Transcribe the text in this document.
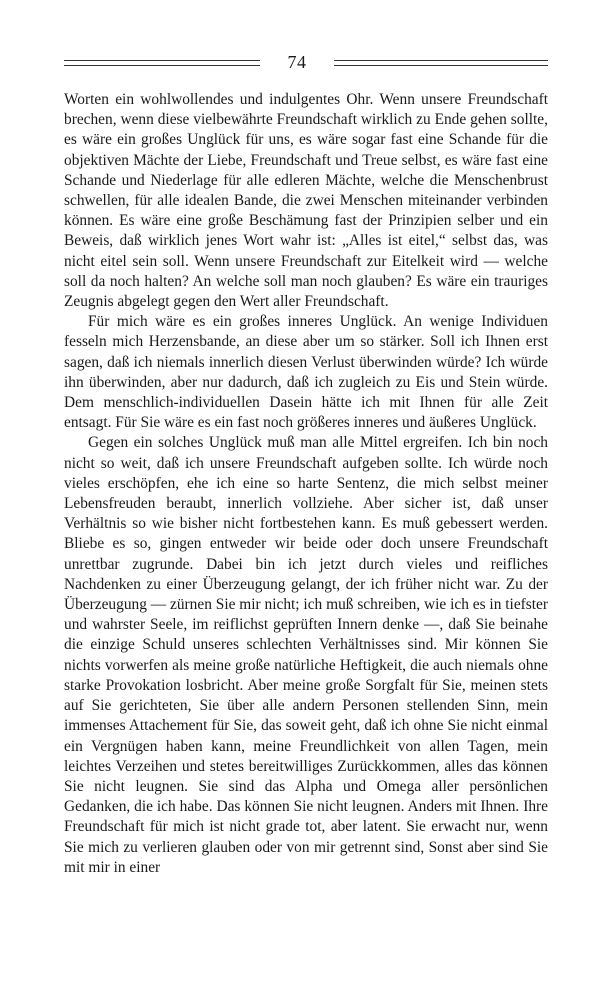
74

Worten ein wohlwollendes und indulgentes Ohr. Wenn unsere Freundschaft brechen, wenn diese vielbewährte Freundschaft wirklich zu Ende gehen sollte, es wäre ein großes Unglück für uns, es wäre sogar fast eine Schande für die objektiven Mächte der Liebe, Freundschaft und Treue selbst, es wäre fast eine Schande und Niederlage für alle edleren Mächte, welche die Menschenbrust schwellen, für alle idealen Bande, die zwei Menschen miteinander verbinden können. Es wäre eine große Beschämung fast der Prinzipien selber und ein Beweis, daß wirklich jenes Wort wahr ist: „Alles ist eitel,“ selbst das, was nicht eitel sein soll. Wenn unsere Freundschaft zur Eitelkeit wird — welche soll da noch halten? An welche soll man noch glauben? Es wäre ein trauriges Zeugnis abgelegt gegen den Wert aller Freundschaft.

Für mich wäre es ein großes inneres Unglück. An wenige Individuen fesseln mich Herzensbande, an diese aber um so stärker. Soll ich Ihnen erst sagen, daß ich niemals innerlich diesen Verlust überwinden würde? Ich würde ihn überwinden, aber nur dadurch, daß ich zugleich zu Eis und Stein würde. Dem menschlich-individuellen Dasein hätte ich mit Ihnen für alle Zeit entsagt. Für Sie wäre es ein fast noch größeres inneres und äußeres Unglück.

Gegen ein solches Unglück muß man alle Mittel ergreifen. Ich bin noch nicht so weit, daß ich unsere Freundschaft aufgeben sollte. Ich würde noch vieles erschöpfen, ehe ich eine so harte Sentenz, die mich selbst meiner Lebensfreuden beraubt, innerlich vollziehe. Aber sicher ist, daß unser Verhältnis so wie bisher nicht fortbestehen kann. Es muß gebessert werden. Bliebe es so, gingen entweder wir beide oder doch unsere Freundschaft unrettbar zugrunde. Dabei bin ich jetzt durch vieles und reifliches Nachdenken zu einer Überzeugung gelangt, der ich früher nicht war. Zu der Überzeugung — zürnen Sie mir nicht; ich muß schreiben, wie ich es in tiefster und wahrster Seele, im reiflichst geprüften Innern denke —, daß Sie beinahe die einzige Schuld unseres schlechten Verhältnisses sind. Mir können Sie nichts vorwerfen als meine große natürliche Heftigkeit, die auch niemals ohne starke Provokation losbricht. Aber meine große Sorgfalt für Sie, meinen stets auf Sie gerichteten, Sie über alle andern Personen stellenden Sinn, mein immenses Attachement für Sie, das soweit geht, daß ich ohne Sie nicht einmal ein Vergnügen haben kann, meine Freundlichkeit von allen Tagen, mein leichtes Verzeihen und stetes bereitwilliges Zurückkommen, alles das können Sie nicht leugnen. Sie sind das Alpha und Omega aller persönlichen Gedanken, die ich habe. Das können Sie nicht leugnen. Anders mit Ihnen. Ihre Freundschaft für mich ist nicht grade tot, aber latent. Sie erwacht nur, wenn Sie mich zu verlieren glauben oder von mir getrennt sind, Sonst aber sind Sie mit mir in einer
